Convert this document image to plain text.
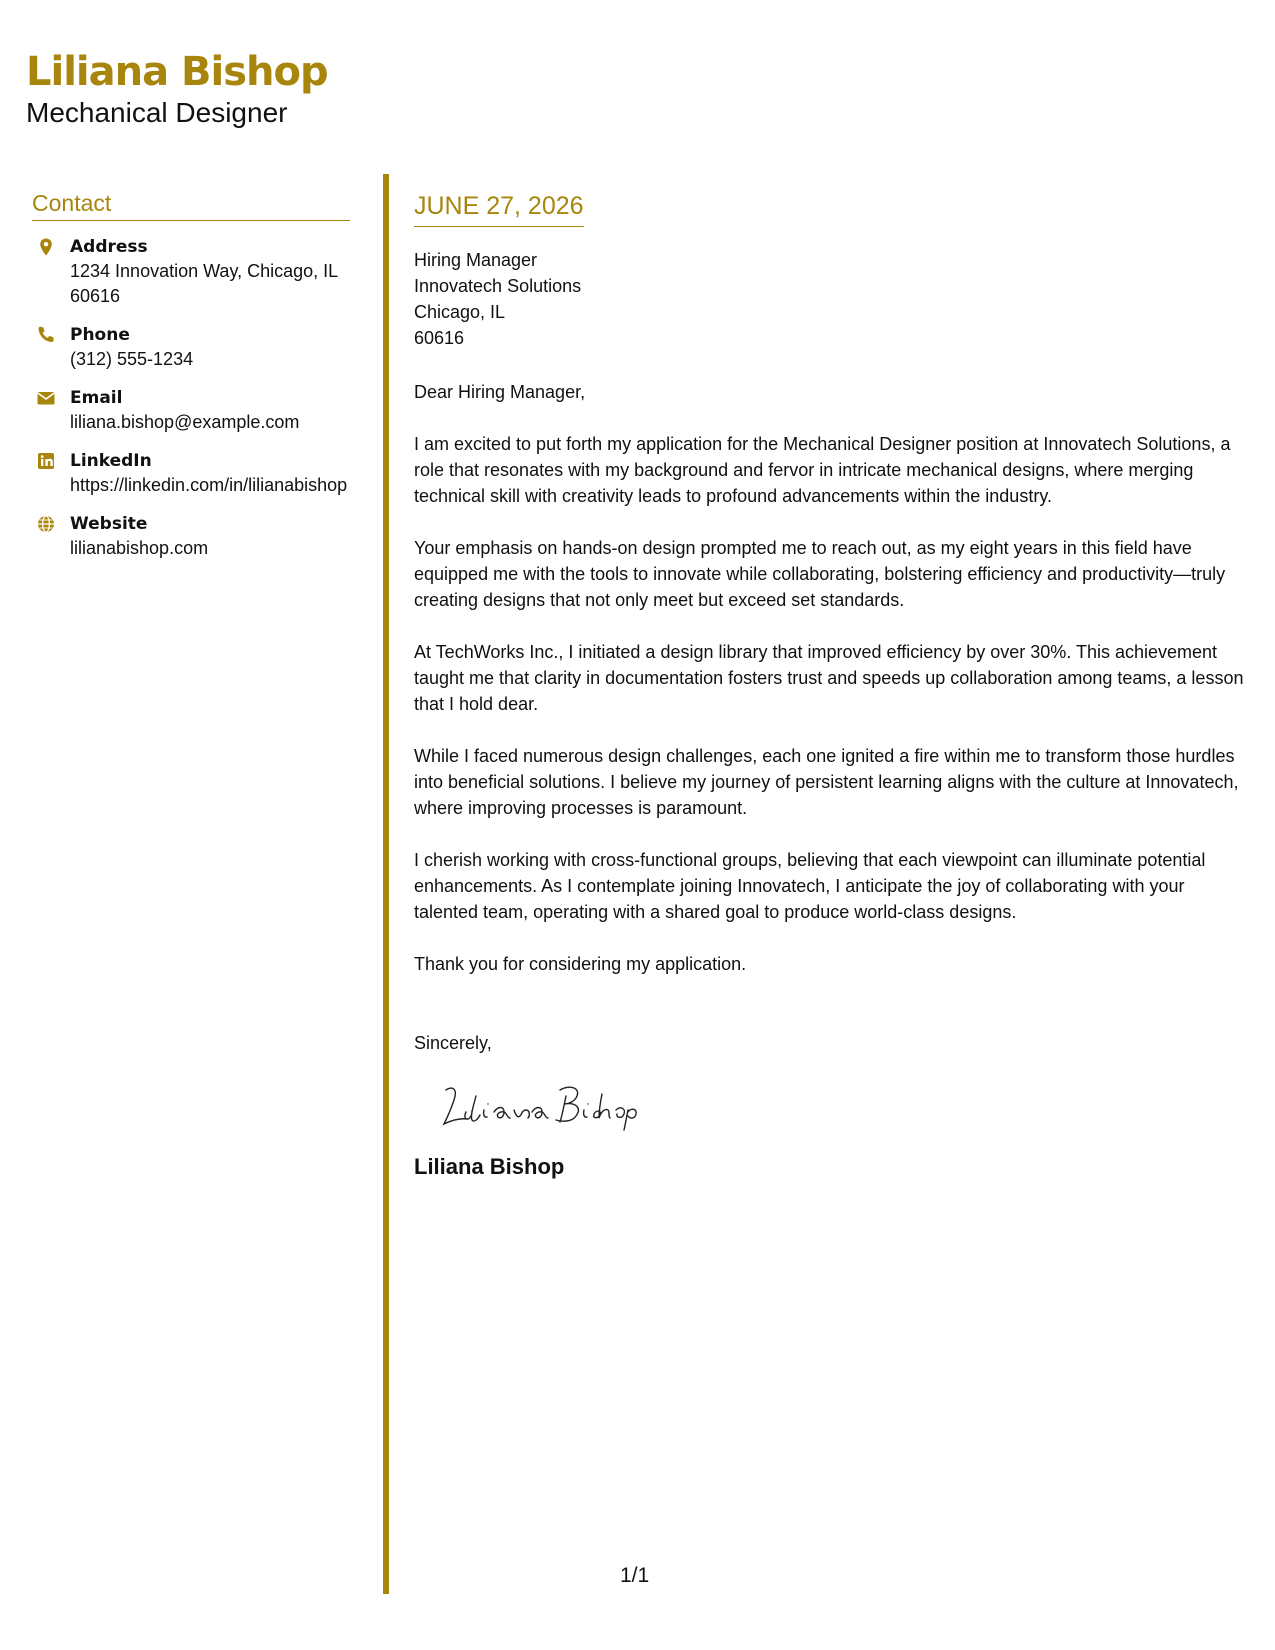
Liliana Bishop
Mechanical Designer
Contact
Address
1234 Innovation Way, Chicago, IL 60616
Phone
(312) 555-1234
Email
liliana.bishop@example.com
LinkedIn
https://linkedin.com/in/lilianabishop
Website
lilianabishop.com
JUNE 27, 2026
Hiring Manager
Innovatech Solutions
Chicago, IL
60616
Dear Hiring Manager,

I am excited to put forth my application for the Mechanical Designer position at Innovatech Solutions, a role that resonates with my background and fervor in intricate mechanical designs, where merging technical skill with creativity leads to profound advancements within the industry.

Your emphasis on hands-on design prompted me to reach out, as my eight years in this field have equipped me with the tools to innovate while collaborating, bolstering efficiency and productivity—truly creating designs that not only meet but exceed set standards.

At TechWorks Inc., I initiated a design library that improved efficiency by over 30%. This achievement taught me that clarity in documentation fosters trust and speeds up collaboration among teams, a lesson that I hold dear.

While I faced numerous design challenges, each one ignited a fire within me to transform those hurdles into beneficial solutions. I believe my journey of persistent learning aligns with the culture at Innovatech, where improving processes is paramount.

I cherish working with cross-functional groups, believing that each viewpoint can illuminate potential enhancements. As I contemplate joining Innovatech, I anticipate the joy of collaborating with your talented team, operating with a shared goal to produce world-class designs.

Thank you for considering my application.

Sincerely,
Liliana Bishop
1/1
